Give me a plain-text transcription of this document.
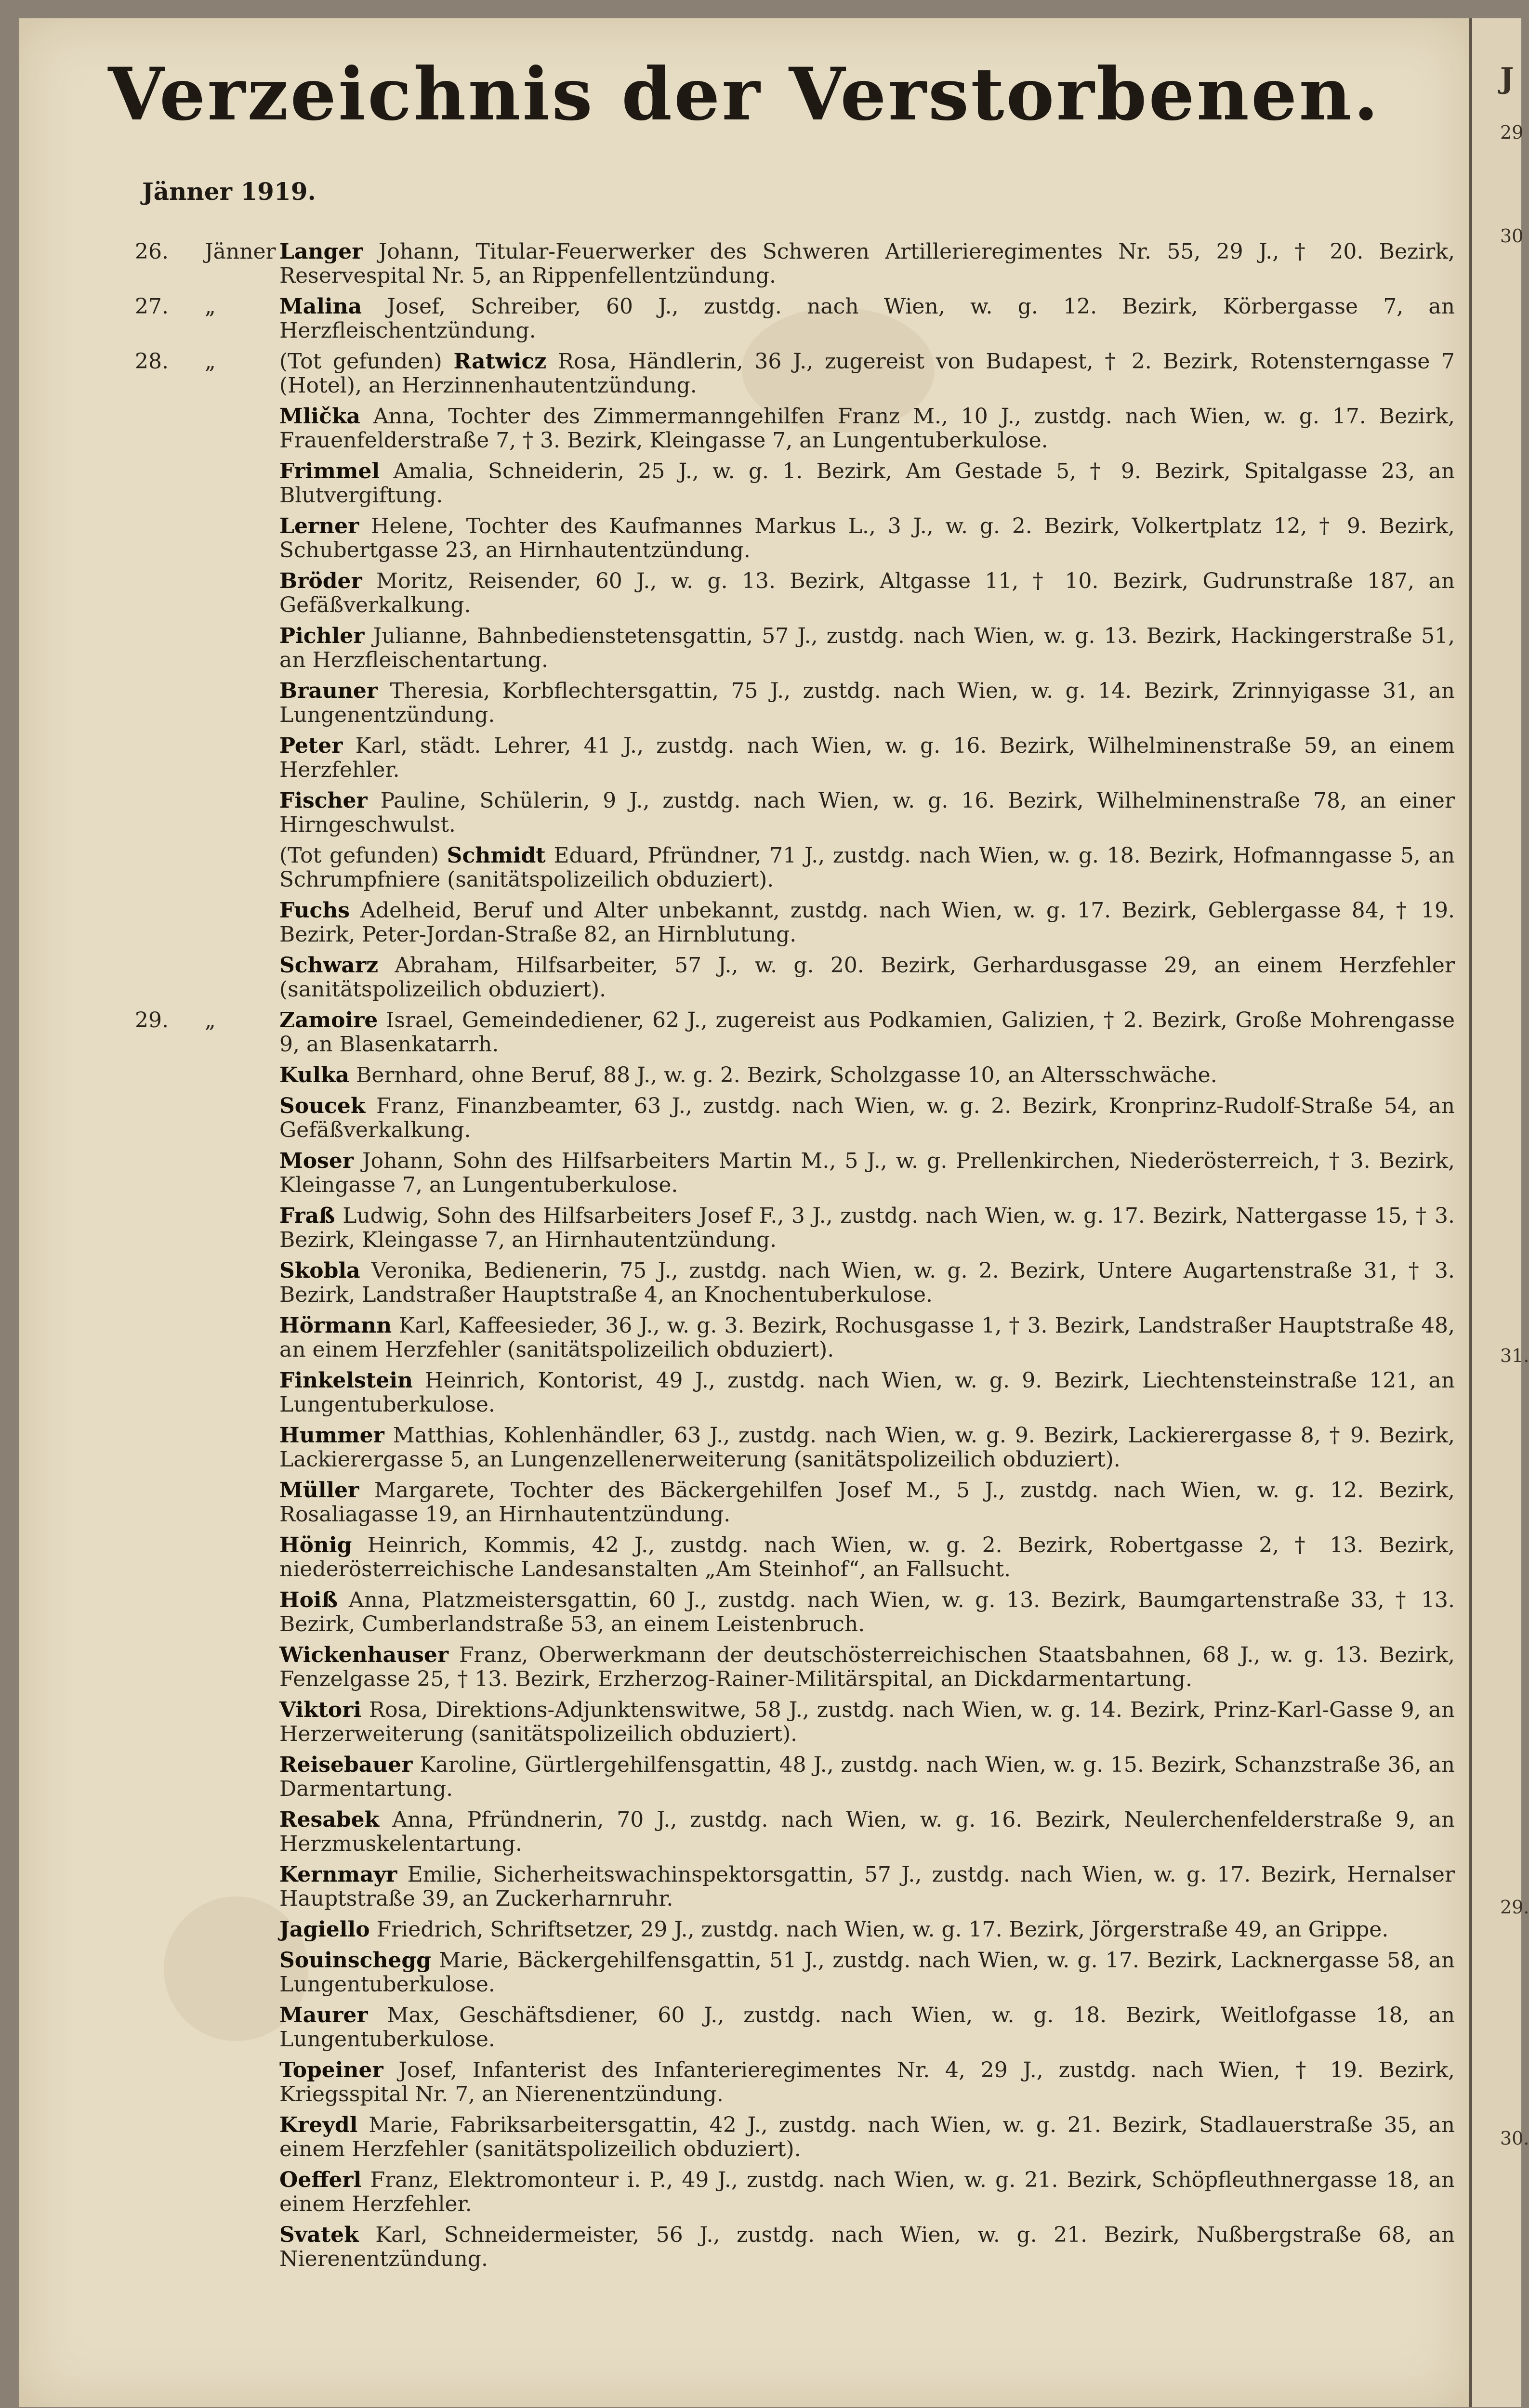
Verzeichnis der Verstorbenen.
Jänner 1919.
26.	Jänner Langer Johann, Titular-Feuerwerker des Schweren Artillerieregimentes Nr. 55, 29 J., † 20. Bezirk, Reservespital Nr. 5, an Rippenfellentzündung.
27.	„	Malina Josef, Schreiber, 60 J., zustdg. nach Wien, w. g. 12. Bezirk, Körbergasse 7, an Herzfleischentzündung.
28.	„	(Tot gefunden) Ratwicz Rosa, Händlerin, 36 J., zugereist von Budapest, † 2. Bezirk, Rotensterngasse 7 (Hotel), an Herzinnenhautentzündung.
Mlička Anna, Tochter des Zimmermanngehilfen Franz M., 10 J., zustdg. nach Wien, w. g. 17. Bezirk, Frauenfelderstraße 7, † 3. Bezirk, Kleingasse 7, an Lungentuberkulose.
Frimmel Amalia, Schneiderin, 25 J., w. g. 1. Bezirk, Am Gestade 5, † 9. Bezirk, Spitalgasse 23, an Blutvergiftung.
Lerner Helene, Tochter des Kaufmannes Markus L., 3 J., w. g. 2. Bezirk, Volkertplatz 12, † 9. Bezirk, Schubertgasse 23, an Hirnhautentzündung.
Bröder Moritz, Reisender, 60 J., w. g. 13. Bezirk, Altgasse 11, † 10. Bezirk, Gudrunstraße 187, an Gefäßverkalkung.
Pichler Julianne, Bahnbedienstetensgattin, 57 J., zustdg. nach Wien, w. g. 13. Bezirk, Hackingerstraße 51, an Herzfleischentartung.
Brauner Theresia, Korbflechtersgattin, 75 J., zustdg. nach Wien, w. g. 14. Bezirk, Zrinnyigasse 31, an Lungenentzündung.
Peter Karl, städt. Lehrer, 41 J., zustdg. nach Wien, w. g. 16. Bezirk, Wilhelminenstraße 59, an einem Herzfehler.
Fischer Pauline, Schülerin, 9 J., zustdg. nach Wien, w. g. 16. Bezirk, Wilhelminenstraße 78, an einer Hirngeschwulst.
(Tot gefunden) Schmidt Eduard, Pfründner, 71 J., zustdg. nach Wien, w. g. 18. Bezirk, Hofmanngasse 5, an Schrumpfniere (sanitätspolizeilich obduziert).
Fuchs Adelheid, Beruf und Alter unbekannt, zustdg. nach Wien, w. g. 17. Bezirk, Geblergasse 84, † 19. Bezirk, Peter-Jordan-Straße 82, an Hirnblutung.
Schwarz Abraham, Hilfsarbeiter, 57 J., w. g. 20. Bezirk, Gerhardusgasse 29, an einem Herzfehler (sanitätspolizeilich obduziert).
29.	„	Zamoire Israel, Gemeindediener, 62 J., zugereist aus Podkamien, Galizien, † 2. Bezirk, Große Mohrengasse 9, an Blasenkatarrh.
Kulka Bernhard, ohne Beruf, 88 J., w. g. 2. Bezirk, Scholzgasse 10, an Altersschwäche.
Soucek Franz, Finanzbeamter, 63 J., zustdg. nach Wien, w. g. 2. Bezirk, Kronprinz-Rudolf-Straße 54, an Gefäßverkalkung.
Moser Johann, Sohn des Hilfsarbeiters Martin M., 5 J., w. g. Prellenkirchen, Niederösterreich, † 3. Bezirk, Kleingasse 7, an Lungentuberkulose.
Fraß Ludwig, Sohn des Hilfsarbeiters Josef F., 3 J., zustdg. nach Wien, w. g. 17. Bezirk, Nattergasse 15, † 3. Bezirk, Kleingasse 7, an Hirnhautentzündung.
Skobla Veronika, Bedienerin, 75 J., zustdg. nach Wien, w. g. 2. Bezirk, Untere Augartenstraße 31, † 3. Bezirk, Landstraßer Hauptstraße 4, an Knochentuberkulose.
Hörmann Karl, Kaffeesieder, 36 J., w. g. 3. Bezirk, Rochusgasse 1, † 3. Bezirk, Landstraßer Hauptstraße 48, an einem Herzfehler (sanitätspolizeilich obduziert).
Finkelstein Heinrich, Kontorist, 49 J., zustdg. nach Wien, w. g. 9. Bezirk, Liechtensteinstraße 121, an Lungentuberkulose.
Hummer Matthias, Kohlenhändler, 63 J., zustdg. nach Wien, w. g. 9. Bezirk, Lackierergasse 8, † 9. Bezirk, Lackierergasse 5, an Lungenzellenerweiterung (sanitätspolizeilich obduziert).
Müller Margarete, Tochter des Bäckergehilfen Josef M., 5 J., zustdg. nach Wien, w. g. 12. Bezirk, Rosaliagasse 19, an Hirnhautentzündung.
Hönig Heinrich, Kommis, 42 J., zustdg. nach Wien, w. g. 2. Bezirk, Robertgasse 2, † 13. Bezirk, niederösterreichische Landesanstalten „Am Steinhof“, an Fallsucht.
Hoiß Anna, Platzmeistersgattin, 60 J., zustdg. nach Wien, w. g. 13. Bezirk, Baumgartenstraße 33, † 13. Bezirk, Cumberlandstraße 53, an einem Leistenbruch.
Wickenhauser Franz, Oberwerkmann der deutschösterreichischen Staatsbahnen, 68 J., w. g. 13. Bezirk, Fenzelgasse 25, † 13. Bezirk, Erzherzog-Rainer-Militärspital, an Dickdarmentartung.
Viktori Rosa, Direktions-Adjunktenswitwe, 58 J., zustdg. nach Wien, w. g. 14. Bezirk, Prinz-Karl-Gasse 9, an Herzerweiterung (sanitätspolizeilich obduziert).
Reisebauer Karoline, Gürtlergehilfensgattin, 48 J., zustdg. nach Wien, w. g. 15. Bezirk, Schanzstraße 36, an Darmentartung.
Resabek Anna, Pfründnerin, 70 J., zustdg. nach Wien, w. g. 16. Bezirk, Neulerchenfelderstraße 9, an Herzmuskelentartung.
Kernmayr Emilie, Sicherheitswachinspektorsgattin, 57 J., zustdg. nach Wien, w. g. 17. Bezirk, Hernalser Hauptstraße 39, an Zuckerharnruhr.
Jagiello Friedrich, Schriftsetzer, 29 J., zustdg. nach Wien, w. g. 17. Bezirk, Jörgerstraße 49, an Grippe.
Souinschegg Marie, Bäckergehilfensgattin, 51 J., zustdg. nach Wien, w. g. 17. Bezirk, Lacknergasse 58, an Lungentuberkulose.
Maurer Max, Geschäftsdiener, 60 J., zustdg. nach Wien, w. g. 18. Bezirk, Weitlofgasse 18, an Lungentuberkulose.
Topeiner Josef, Infanterist des Infanterieregimentes Nr. 4, 29 J., zustdg. nach Wien, † 19. Bezirk, Kriegsspital Nr. 7, an Nierenentzündung.
Kreydl Marie, Fabriksarbeitersgattin, 42 J., zustdg. nach Wien, w. g. 21. Bezirk, Stadlauerstraße 35, an einem Herzfehler (sanitätspolizeilich obduziert).
Oefferl Franz, Elektromonteur i. P., 49 J., zustdg. nach Wien, w. g. 21. Bezirk, Schöpfleuthnergasse 18, an einem Herzfehler.
Svatek Karl, Schneidermeister, 56 J., zustdg. nach Wien, w. g. 21. Bezirk, Nußbergstraße 68, an Nierenentzündung.
J
29
30
31.
29.
30.
